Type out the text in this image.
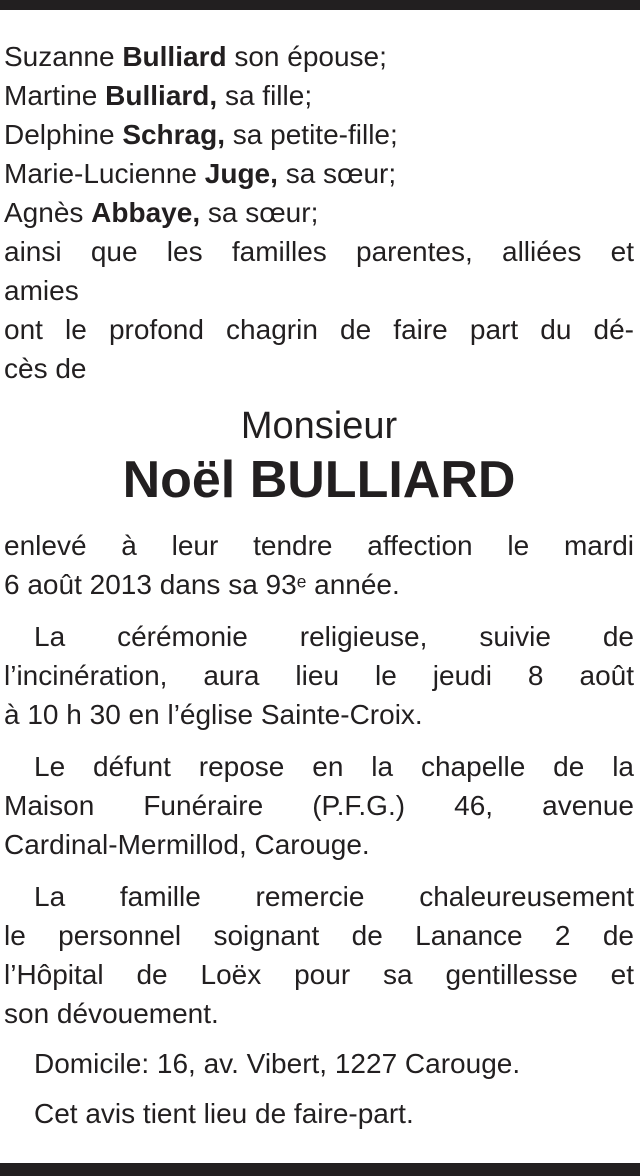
Suzanne Bulliard son épouse;
Martine Bulliard, sa fille;
Delphine Schrag, sa petite-fille;
Marie-Lucienne Juge, sa sœur;
Agnès Abbaye, sa sœur;
ainsi que les familles parentes, alliées et
amies
ont le profond chagrin de faire part du dé-
cès de
Monsieur
Noël BULLIARD
enlevé à leur tendre affection le mardi
6 août 2013 dans sa 93e année.
La cérémonie religieuse, suivie de
l’incinération, aura lieu le jeudi 8 août
à 10 h 30 en l’église Sainte-Croix.
Le défunt repose en la chapelle de la
Maison Funéraire (P.F.G.) 46, avenue
Cardinal-Mermillod, Carouge.
La famille remercie chaleureusement
le personnel soignant de Lanance 2 de
l’Hôpital de Loëx pour sa gentillesse et
son dévouement.
Domicile: 16, av. Vibert, 1227 Carouge.
Cet avis tient lieu de faire-part.
